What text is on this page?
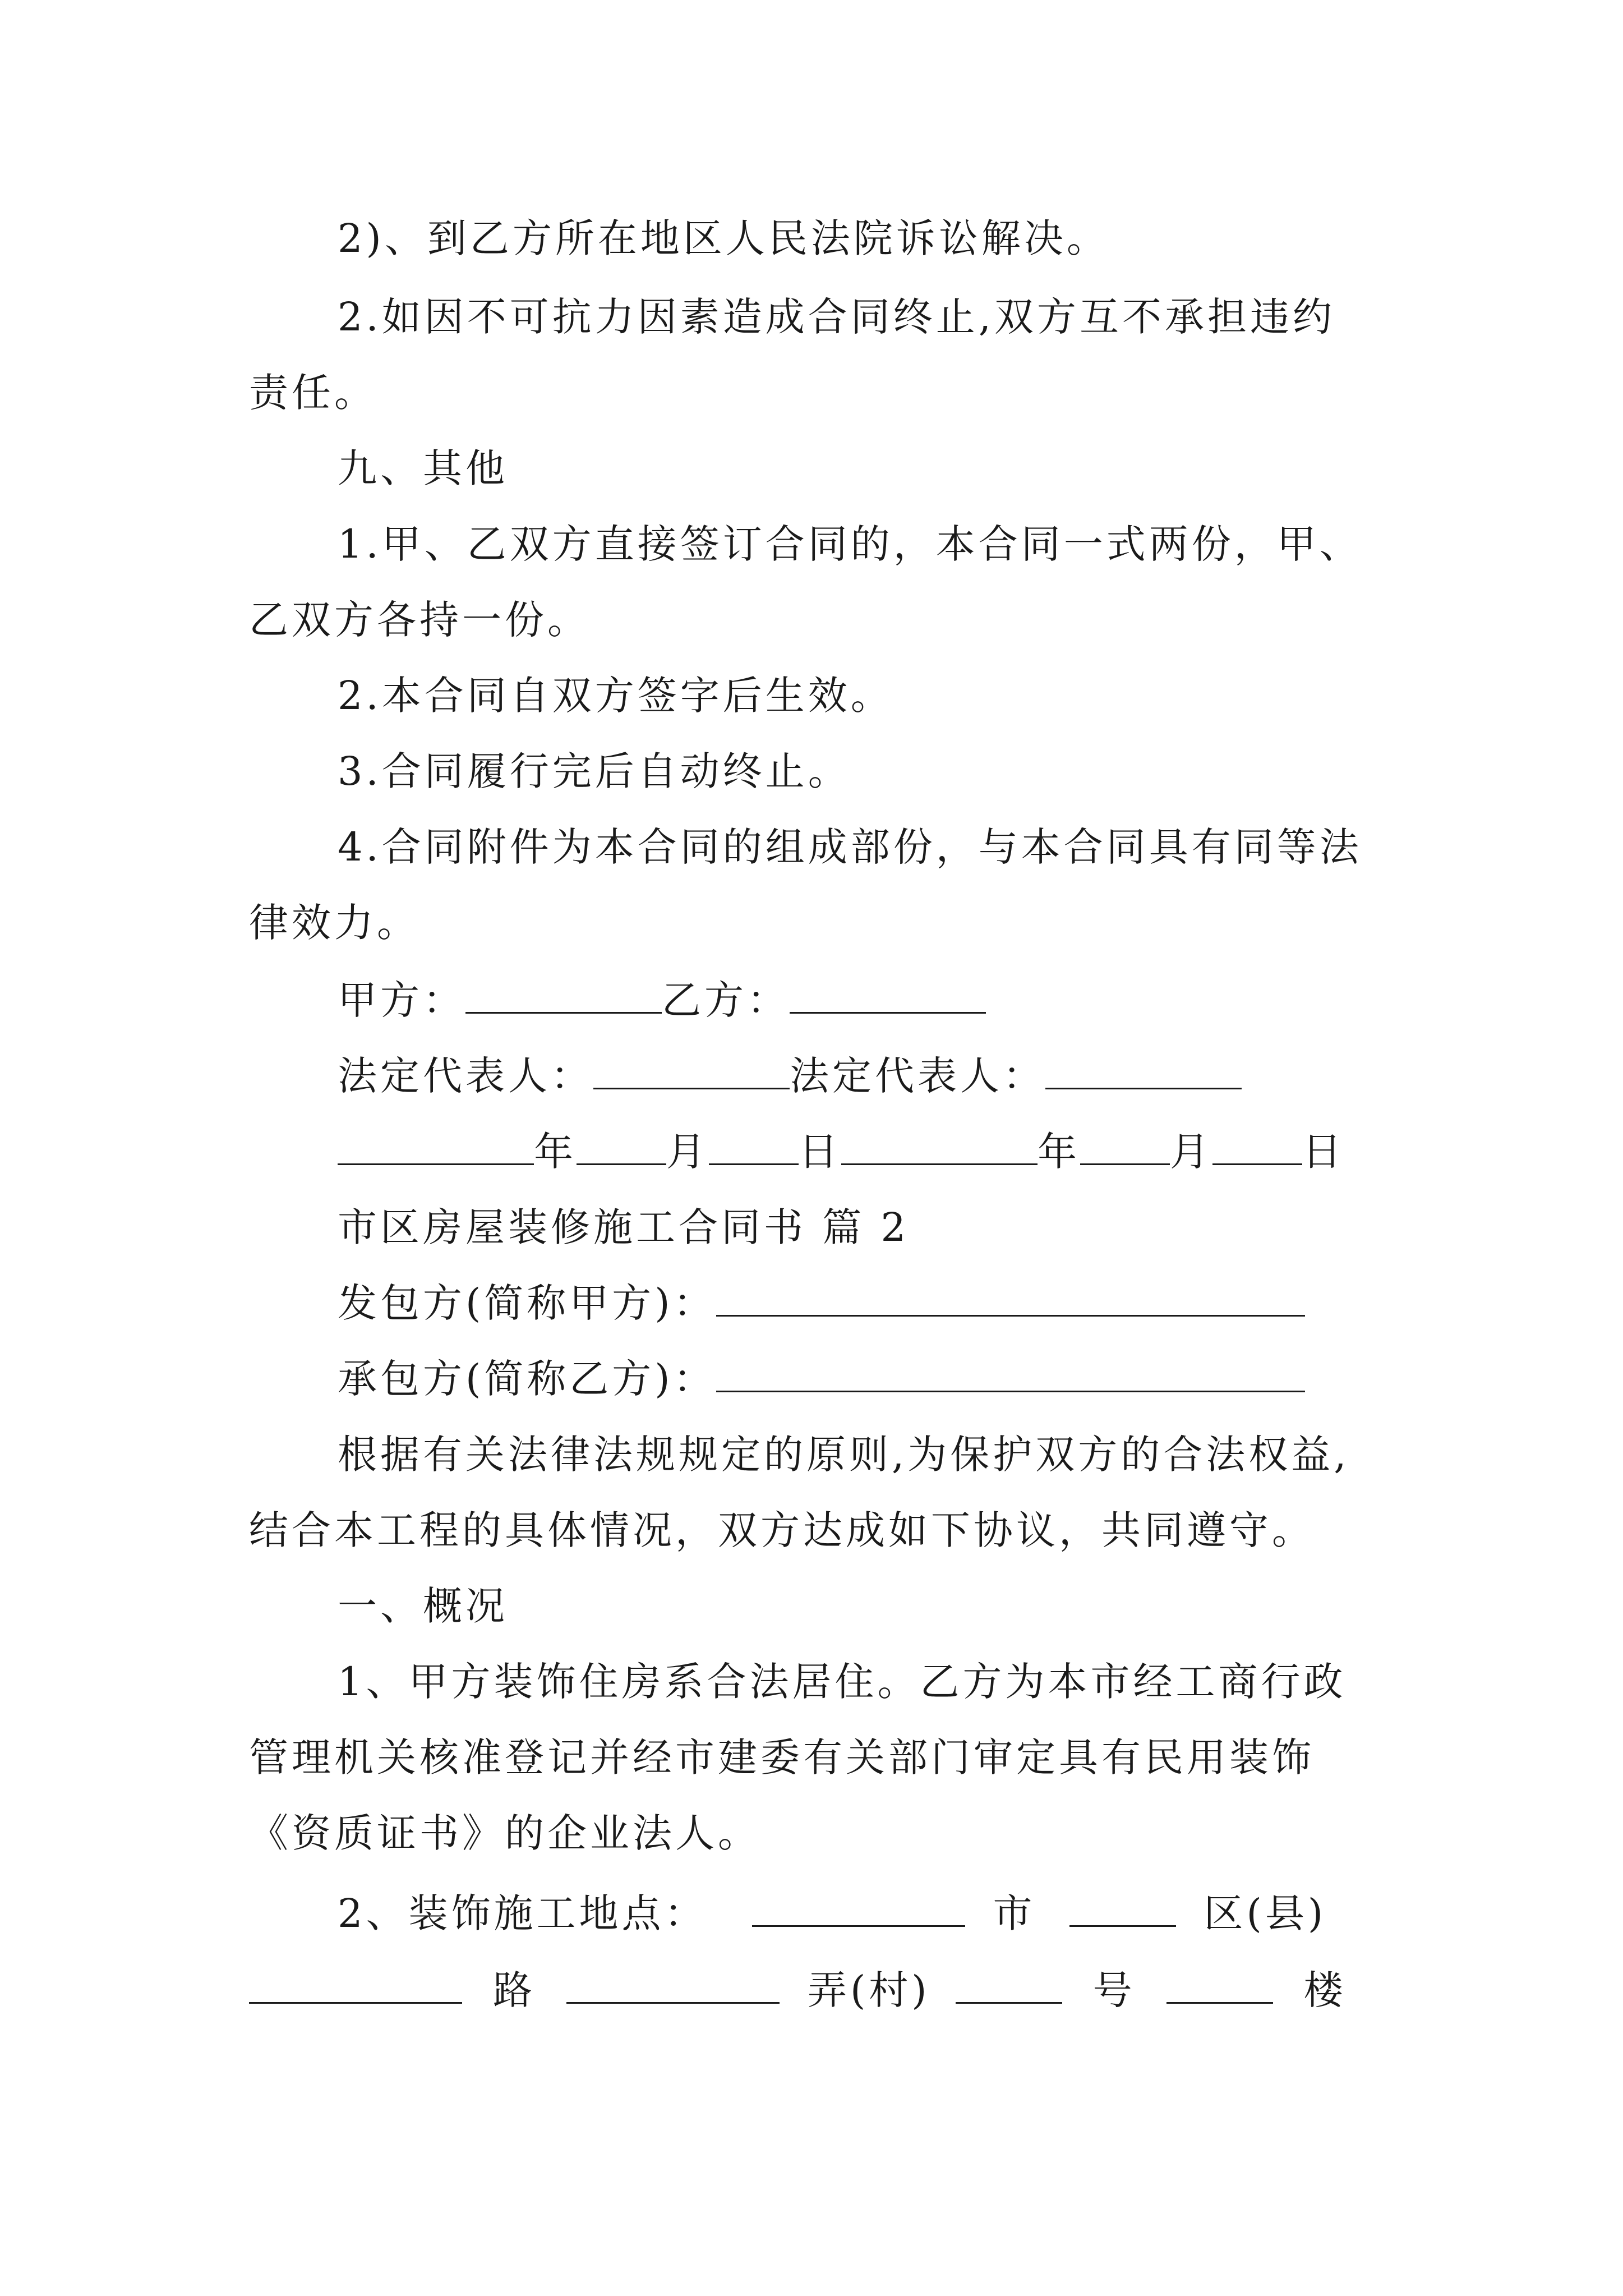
2)、到乙方所在地区人民法院诉讼解决。
2.如因不可抗力因素造成合同终止,双方互不承担违约
责任。
九、其他
1.甲、乙双方直接签订合同的，本合同一式两份，甲、
乙双方各持一份。
2.本合同自双方签字后生效。
3.合同履行完后自动终止。
4.合同附件为本合同的组成部份，与本合同具有同等法
律效力。
甲方：	乙方：
法定代表人：	法定代表人：
年 月 日	年 月 日
市区房屋装修施工合同书 篇 2
发包方(简称甲方)：
承包方(简称乙方)：
根据有关法律法规规定的原则,为保护双方的合法权益,
结合本工程的具体情况，双方达成如下协议，共同遵守。
一、概况
1、甲方装饰住房系合法居住。乙方为本市经工商行政
管理机关核准登记并经市建委有关部门审定具有民用装饰
《资质证书》的企业法人。
2、装饰施工地点：	市	区(县)
路	弄(村)	号	楼
